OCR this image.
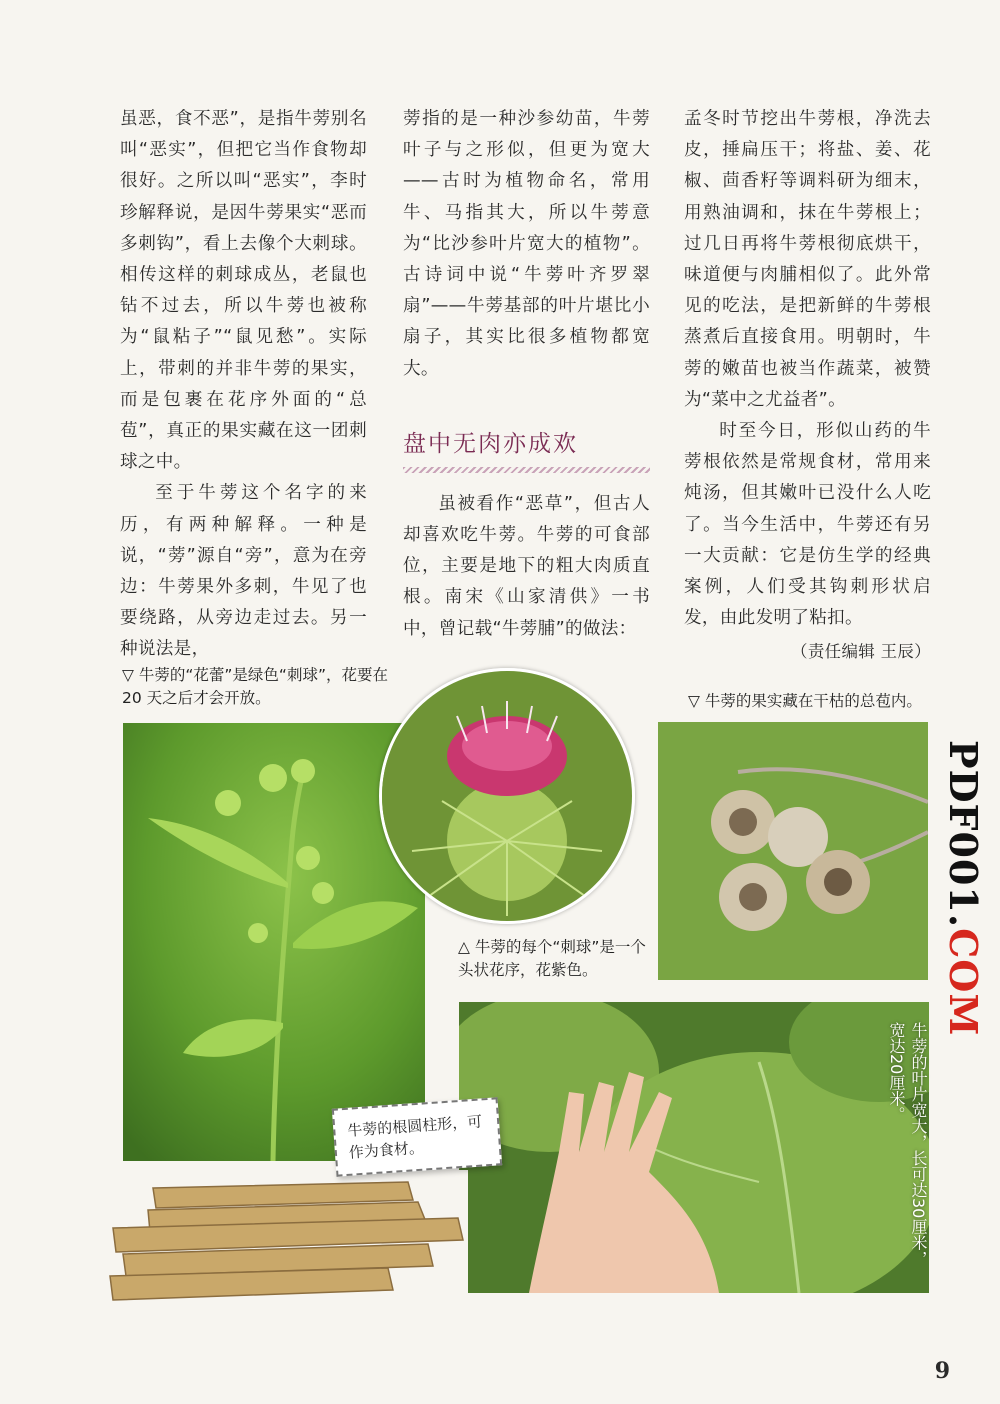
虽恶，食不恶”，是指牛蒡别名叫“恶实”，但把它当作食物却很好。之所以叫“恶实”，李时珍解释说，是因牛蒡果实“恶而多刺钩”，看上去像个大刺球。相传这样的刺球成丛，老鼠也钻不过去，所以牛蒡也被称为“鼠粘子”“鼠见愁”。实际上，带刺的并非牛蒡的果实，而是包裹在花序外面的“总苞”，真正的果实藏在这一团刺球之中。

至于牛蒡这个名字的来历，有两种解释。一种是说，“蒡”源自“旁”，意为在旁边：牛蒡果外多刺，牛见了也要绕路，从旁边走过去。另一种说法是，

蒡指的是一种沙参幼苗，牛蒡叶子与之形似，但更为宽大——古时为植物命名，常用牛、马指其大，所以牛蒡意为“比沙参叶片宽大的植物”。古诗词中说“牛蒡叶齐罗翠扇”——牛蒡基部的叶片堪比小扇子，其实比很多植物都宽大。

盘中无肉亦成欢

虽被看作“恶草”，但古人却喜欢吃牛蒡。牛蒡的可食部位，主要是地下的粗大肉质直根。南宋《山家清供》一书中，曾记载“牛蒡脯”的做法：

孟冬时节挖出牛蒡根，净洗去皮，捶扁压干；将盐、姜、花椒、茴香籽等调料研为细末，用熟油调和，抹在牛蒡根上；过几日再将牛蒡根彻底烘干，味道便与肉脯相似了。此外常见的吃法，是把新鲜的牛蒡根蒸煮后直接食用。明朝时，牛蒡的嫩苗也被当作蔬菜，被赞为“菜中之尤益者”。

时至今日，形似山药的牛蒡根依然是常规食材，常用来炖汤，但其嫩叶已没什么人吃了。当今生活中，牛蒡还有另一大贡献：它是仿生学的经典案例，人们受其钩刺形状启发，由此发明了粘扣。

（责任编辑 王辰）
▽ 牛蒡的“花蕾”是绿色“刺球”，花要在 20 天之后才会开放。	▽ 牛蒡的果实藏在干枯的总苞内。
△ 牛蒡的每个“刺球”是一个头状花序，花紫色。
牛蒡的叶片宽大，长可达30厘米，宽达20厘米。
牛蒡的根圆柱形，可作为食材。
PDF001.COM
9
